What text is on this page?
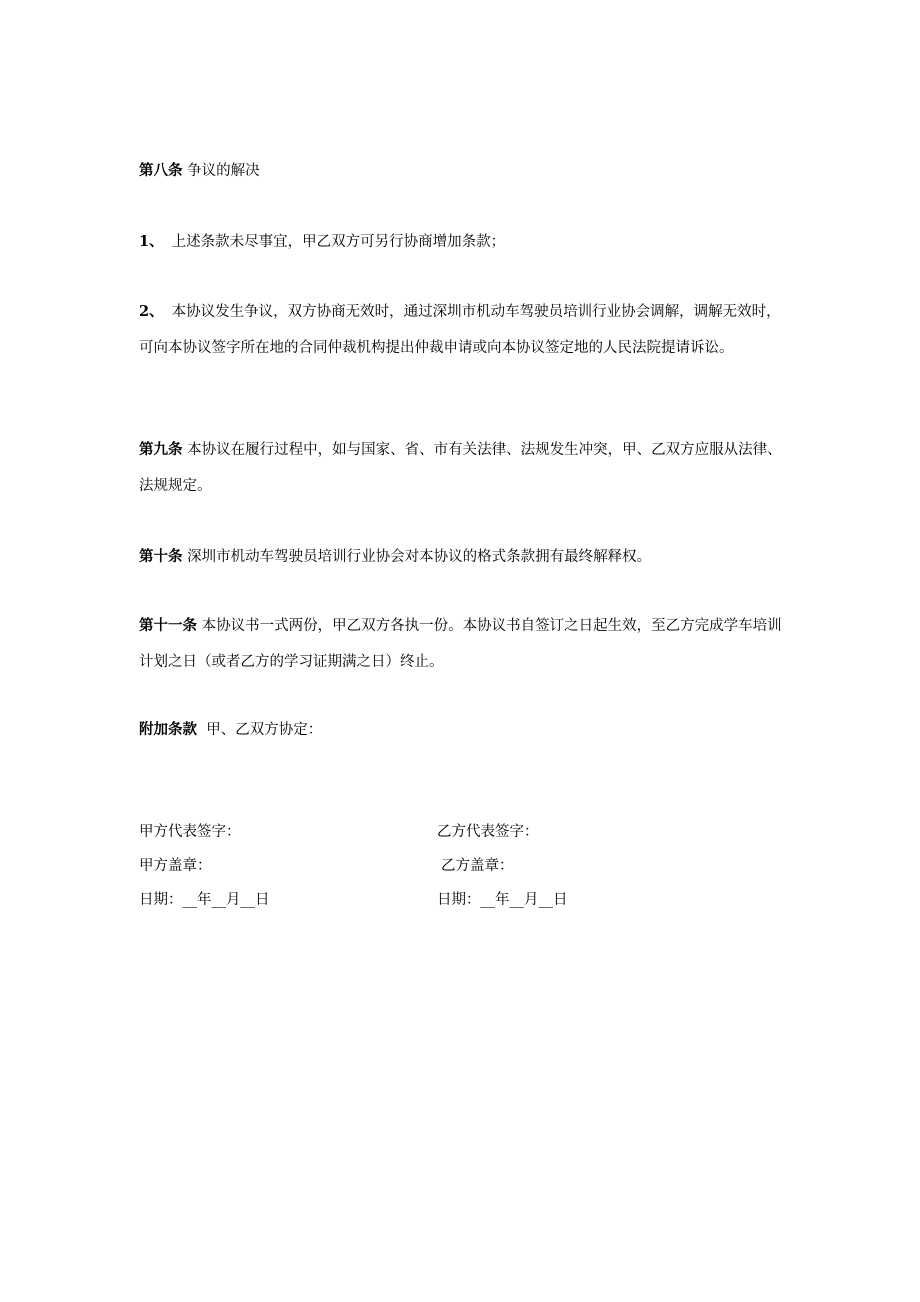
第八条 争议的解决
1、 上述条款未尽事宜，甲乙双方可另行协商增加条款；
2、 本协议发生争议，双方协商无效时，通过深圳市机动车驾驶员培训行业协会调解，调解无效时，可向本协议签字所在地的合同仲裁机构提出仲裁申请或向本协议签定地的人民法院提请诉讼。
第九条 本协议在履行过程中，如与国家、省、市有关法律、法规发生冲突，甲、乙双方应服从法律、法规规定。
第十条 深圳市机动车驾驶员培训行业协会对本协议的格式条款拥有最终解释权。
第十一条 本协议书一式两份，甲乙双方各执一份。本协议书自签订之日起生效，至乙方完成学车培训计划之日（或者乙方的学习证期满之日）终止。
附加条款 甲、乙双方协定：
甲方代表签字：	乙方代表签字：
甲方盖章：	乙方盖章：
日期：__年__月__日	日期：__年__月__日
